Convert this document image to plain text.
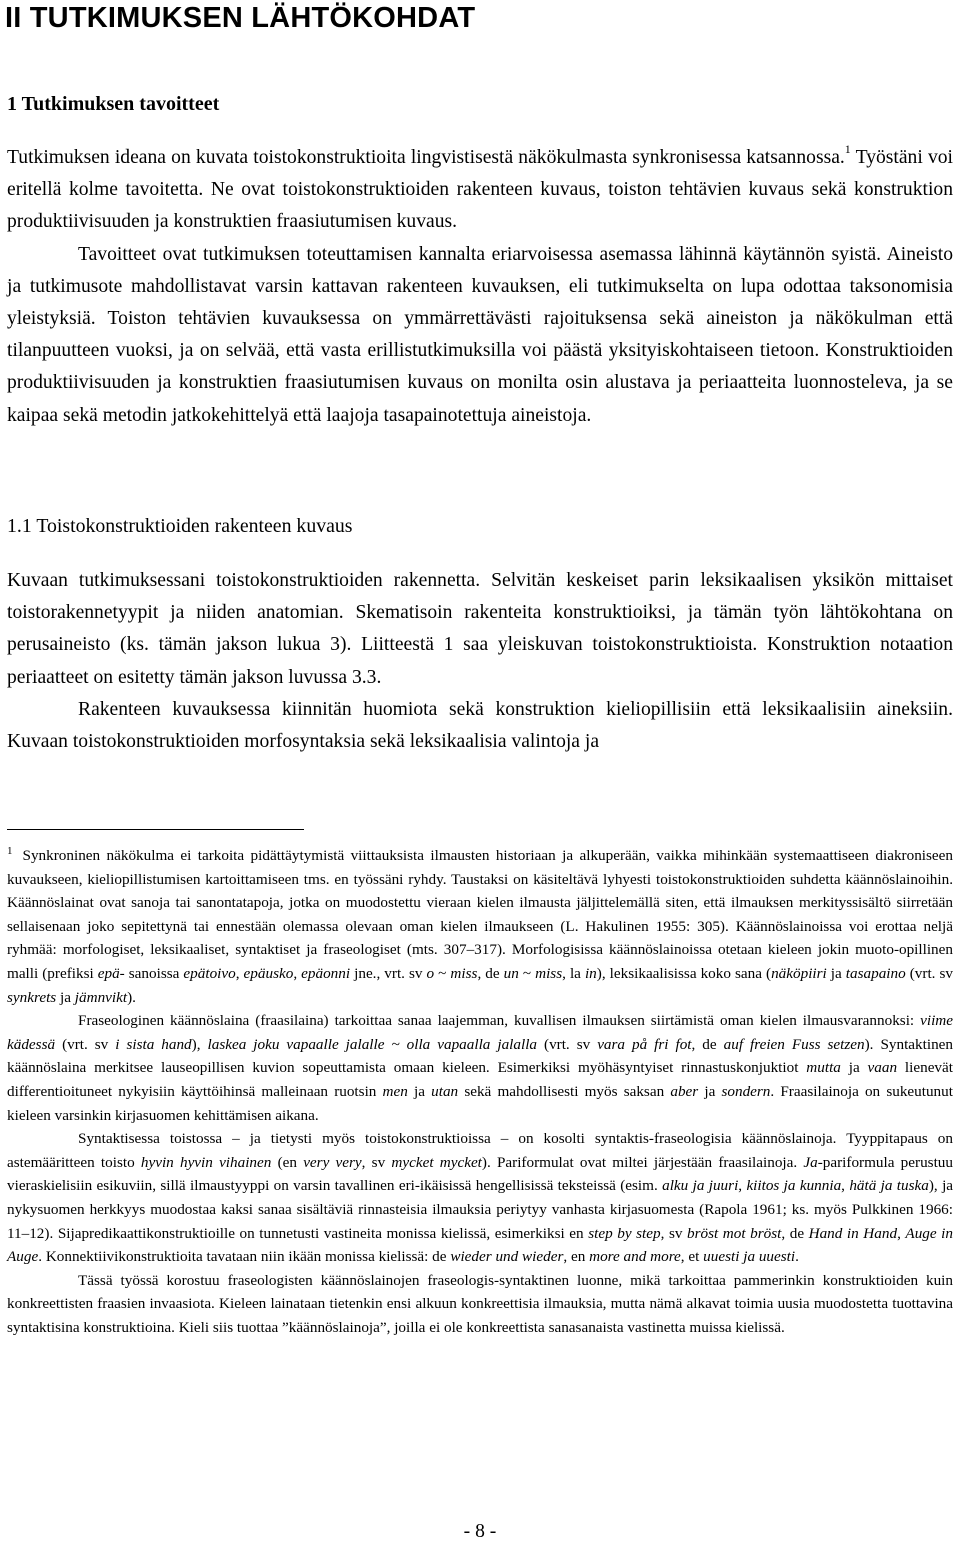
II TUTKIMUKSEN LÄHTÖKOHDAT
1 Tutkimuksen tavoitteet

Tutkimuksen ideana on kuvata toistokonstruktioita lingvistisestä näkökulmasta synkronisessa katsannossa.$^1$ Työstäni voi eritellä kolme tavoitetta. Ne ovat toistokonstruktioiden rakenteen kuvaus, toiston tehtävien kuvaus sekä konstruktion produktiivisuuden ja konstruktien fraasiutumisen kuvaus.

Tavoitteet ovat tutkimuksen toteuttamisen kannalta eriarvoisessa asemassa lähinnä käytännön syistä. Aineisto ja tutkimusote mahdollistavat varsin kattavan rakenteen kuvauksen, eli tutkimukselta on lupa odottaa taksonomisia yleistyksiä. Toiston tehtävien kuvauksessa on ymmärrettävästi rajoituksensa sekä aineiston ja näkökulman että tilanpuutteen vuoksi, ja on selvää, että vasta erillistutkimuksilla voi päästä yksityiskohtaiseen tietoon. Konstruktioiden produktiivisuuden ja konstruktien fraasiutumisen kuvaus on monilta osin alustava ja periaatteita luonnosteleva, ja se kaipaa sekä metodin jatkokehittelyä että laajoja tasapainotettuja aineistoja.

1.1 Toistokonstruktioiden rakenteen kuvaus

Kuvaan tutkimuksessani toistokonstruktioiden rakennetta. Selvitän keskeiset parin leksikaalisen yksikön mittaiset toistorakennetyypit ja niiden anatomian. Skematisoin rakenteita konstruktioiksi, ja tämän työn lähtökohtana on perusaineisto (ks. tämän jakson lukua 3). Liitteestä 1 saa yleiskuvan toistokonstruktioista. Konstruktion notaation periaatteet on esitetty tämän jakson luvussa 3.3.

Rakenteen kuvauksessa kiinnitän huomiota sekä konstruktion kieliopillisiin että leksikaalisiin aineksiin. Kuvaan toistokonstruktioiden morfosyntaksia sekä leksikaalisia valintoja ja

$^1$ Synkroninen näkökulma ei tarkoita pidättäytymistä viittauksista ilmausten historiaan ja alkuperään, vaikka mihinkään systemaattiseen diakroniseen kuvaukseen, kieliopillistumisen kartoittamiseen tms. en työssäni ryhdy. Taustaksi on käsiteltävä lyhyesti toistokonstruktioiden suhdetta käännöslainoihin. Käännöslainat ovat sanoja tai sanontatapoja, jotka on muodostettu vieraan kielen ilmausta jäljittelemällä siten, että ilmauksen merkityssisältö siirretään sellaisenaan joko sepitettynä tai ennestään olemassa olevaan oman kielen ilmaukseen (L. Hakulinen 1955: 305). Käännöslainoissa voi erottaa neljä ryhmää: morfologiset, leksikaaliset, syntaktiset ja fraseologiset (mts. 307–317). Morfologisissa käännöslainoissa otetaan kieleen jokin muoto-opillinen malli (prefiksi epä- sanoissa epätoivo, epäusko, epäonni jne., vrt. sv o ~ miss, de un ~ miss, la in), leksikaalisissa koko sana (näköpiiri ja tasapaino (vrt. sv synkrets ja jämnvikt).

Fraseologinen käännöslaina (fraasilaina) tarkoittaa sanaa laajemman, kuvallisen ilmauksen siirtämistä oman kielen ilmausvarannoksi: viime kädessä (vrt. sv i sista hand), laskea joku vapaalle jalalle ~ olla vapaalla jalalla (vrt. sv vara på fri fot, de auf freien Fuss setzen). Syntaktinen käännöslaina merkitsee lauseopillisen kuvion sopeuttamista omaan kieleen. Esimerkiksi myöhäsyntyiset rinnastuskonjuktiot mutta ja vaan lienevät differentioituneet nykyisiin käyttöihinsä malleinaan ruotsin men ja utan sekä mahdollisesti myös saksan aber ja sondern. Fraasilainoja on sukeutunut kieleen varsinkin kirjasuomen kehittämisen aikana.

Syntaktisessa toistossa – ja tietysti myös toistokonstruktioissa – on kosolti syntaktis-fraseologisia käännöslainoja. Tyyppitapaus on astemääritteen toisto hyvin hyvin vihainen (en very very, sv mycket mycket). Pariformulat ovat miltei järjestään fraasilainoja. Ja-pariformula perustuu vieraskielisiin esikuviin, sillä ilmaustyyppi on varsin tavallinen eri-ikäisissä hengellisissä teksteissä (esim. alku ja juuri, kiitos ja kunnia, hätä ja tuska), ja nykysuomen herkkyys muodostaa kaksi sanaa sisältäviä rinnasteisia ilmauksia periytyy vanhasta kirjasuomesta (Rapola 1961; ks. myös Pulkkinen 1966: 11–12). Sijapredikaattikonstruktioille on tunnetusti vastineita monissa kielissä, esimerkiksi en step by step, sv bröst mot bröst, de Hand in Hand, Auge in Auge. Konnektiivikonstruktioita tavataan niin ikään monissa kielissä: de wieder und wieder, en more and more, et uuesti ja uuesti.

Tässä työssä korostuu fraseologisten käännöslainojen fraseologis-syntaktinen luonne, mikä tarkoittaa pammerinkin konstruktioiden kuin konkreettisten fraasien invaasiota. Kieleen lainataan tietenkin ensi alkuun konkreettisia ilmauksia, mutta nämä alkavat toimia uusia muodostetta tuottavina syntaktisina konstruktioina. Kieli siis tuottaa ”käännöslainoja”, joilla ei ole konkreettista sanasanaista vastinetta muissa kielissä.

- 8 -
